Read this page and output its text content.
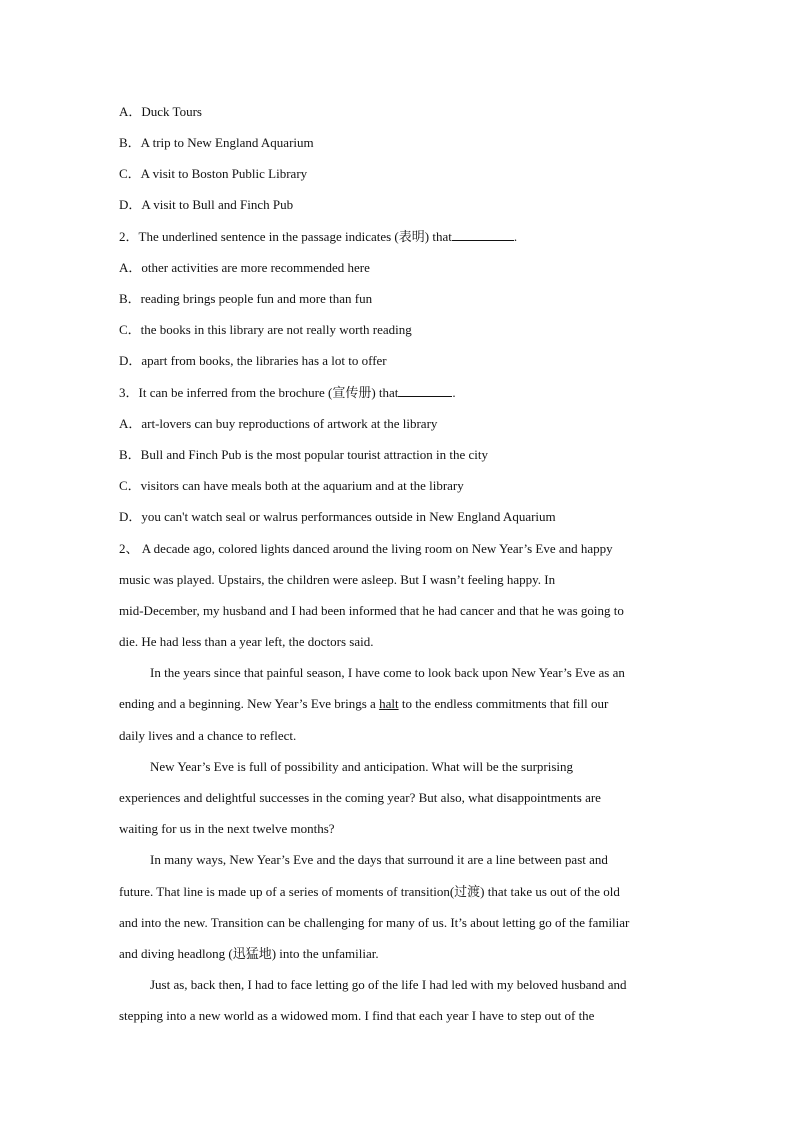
A．Duck Tours
B．A trip to New England Aquarium
C．A visit to Boston Public Library
D．A visit to Bull and Finch Pub
2．The underlined sentence in the passage indicates (表明) that	.
A．other activities are more recommended here
B．reading brings people fun and more than fun
C．the books in this library are not really worth reading
D．apart from books, the libraries has a lot to offer
3．It can be inferred from the brochure (宣传册) that	.
A．art-lovers can buy reproductions of artwork at the library
B．Bull and Finch Pub is the most popular tourist attraction in the city
C．visitors can have meals both at the aquarium and at the library
D．you can't watch seal or walrus performances outside in New England Aquarium
2、 A decade ago, colored lights danced around the living room on New Year’s Eve and happy
music was played. Upstairs, the children were asleep. But I wasn’t feeling happy. In
mid-December, my husband and I had been informed that he had cancer and that he was going to
die. He had less than a year left, the doctors said.
In the years since that painful season, I have come to look back upon New Year’s Eve as an
ending and a beginning. New Year’s Eve brings a halt to the endless commitments that fill our
daily lives and a chance to reflect.
New Year’s Eve is full of possibility and anticipation. What will be the surprising
experiences and delightful successes in the coming year? But also, what disappointments are
waiting for us in the next twelve months?
In many ways, New Year’s Eve and the days that surround it are a line between past and
future. That line is made up of a series of moments of transition(过渡) that take us out of the old
and into the new. Transition can be challenging for many of us. It’s about letting go of the familiar
and diving headlong (迅猛地) into the unfamiliar.
Just as, back then, I had to face letting go of the life I had led with my beloved husband and
stepping into a new world as a widowed mom. I find that each year I have to step out of the
